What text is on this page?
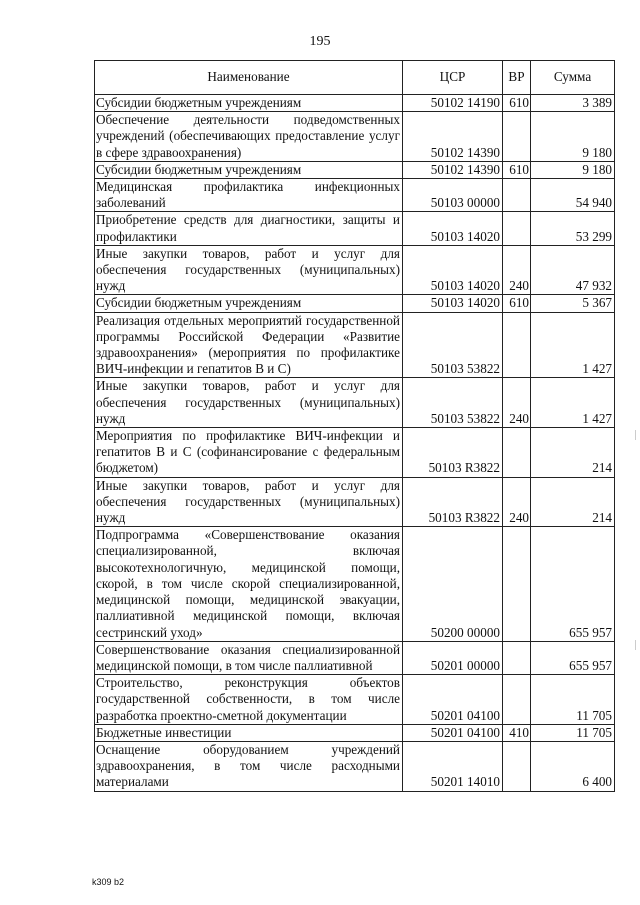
195
Наименование	ЦСР	ВР	Сумма
Субсидии бюджетным учреждениям	50102 14190	610	3 389
Обеспечение деятельности подведомственных учреждений (обеспечивающих предоставление услуг в сфере здравоохранения)	50102 14390		9 180
Субсидии бюджетным учреждениям	50102 14390	610	9 180
Медицинская профилактика инфекционных заболеваний	50103 00000		54 940
Приобретение средств для диагностики, защиты и профилактики	50103 14020		53 299
Иные закупки товаров, работ и услуг для обеспечения государственных (муниципальных) нужд	50103 14020	240	47 932
Субсидии бюджетным учреждениям	50103 14020	610	5 367
Реализация отдельных мероприятий государственной программы Российской Федерации «Развитие здравоохранения» (мероприятия по профилактике ВИЧ-инфекции и гепатитов В и С)	50103 53822		1 427
Иные закупки товаров, работ и услуг для обеспечения государственных (муниципальных) нужд	50103 53822	240	1 427
Мероприятия по профилактике ВИЧ-инфекции и гепатитов В и С (софинансирование с федеральным бюджетом)	50103 R3822		214
Иные закупки товаров, работ и услуг для обеспечения государственных (муниципальных) нужд	50103 R3822	240	214
Подпрограмма «Совершенствование оказания специализированной, включая высокотехнологичную, медицинской помощи, скорой, в том числе скорой специализированной, медицинской помощи, медицинской эвакуации, паллиативной медицинской помощи, включая сестринский уход»	50200 00000		655 957
Совершенствование оказания специализированной медицинской помощи, в том числе паллиативной	50201 00000		655 957
Строительство, реконструкция объектов государственной собственности, в том числе разработка проектно-сметной документации	50201 04100		11 705
Бюджетные инвестиции	50201 04100	410	11 705
Оснащение оборудованием учреждений здравоохранения, в том числе расходными материалами	50201 14010		6 400
k309 b2
